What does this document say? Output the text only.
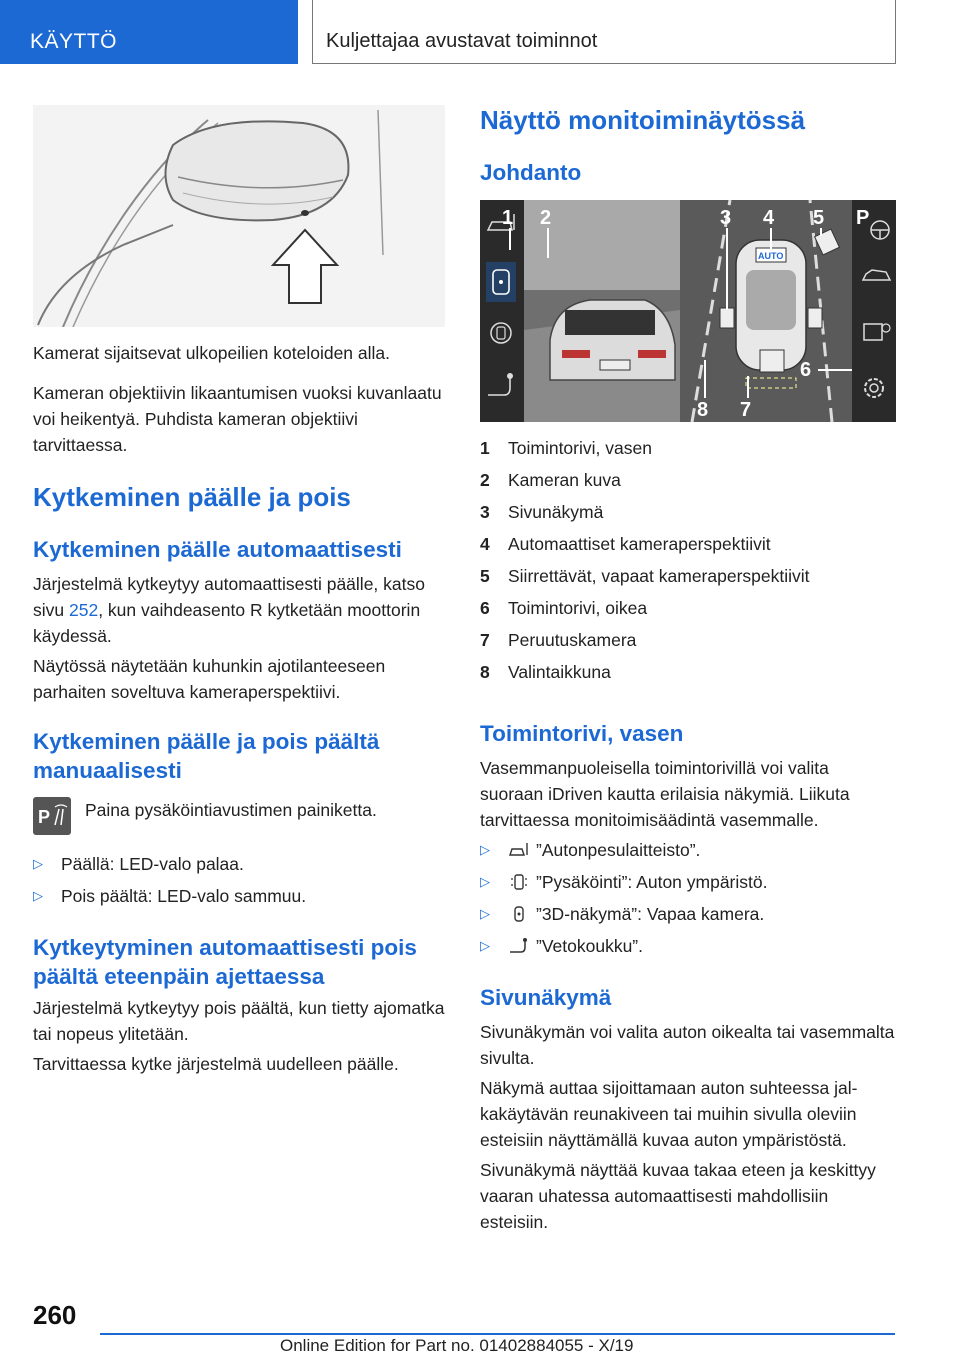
KÄYTTÖ	Kuljettajaa avustavat toiminnot

Kamerat sijaitsevat ulkopeilien koteloiden alla.

Kameran objektiivin likaantumisen vuoksi kuvanlaatu voi heikentyä. Puhdista kameran objektiivi tarvittaessa.

Kytkeminen päälle ja pois
Kytkeminen päälle automaattisesti

Järjestelmä kytkeytyy automaattisesti päälle, katso sivu 252, kun vaihdeasento R kytketään moottorin käydessä.

Näytössä näytetään kuhunkin ajotilanteeseen parhaiten soveltuva kameraperspektiivi.

Kytkeminen päälle ja pois päältä manuaalisesti
P Paina pysäköintiavustimen painiketta.

▷ Päällä: LED-valo palaa.
▷ Pois päältä: LED-valo sammuu.
Kytkeytyminen automaattisesti pois päältä eteenpäin ajettaessa

Järjestelmä kytkeytyy pois päältä, kun tietty ajomatka tai nopeus ylitetään.

Tarvittaessa kytke järjestelmä uudelleen päälle.

Näyttö monitoiminäytössä
Johdanto
AUTO
P
1 2	3 4 5
6
7
8
1 Toimintorivi, vasen
2 Kameran kuva
3 Sivunäkymä
4 Automaattiset kameraperspektiivit
5 Siirrettävät, vapaat kameraperspektiivit
6 Toimintorivi, oikea
7 Peruutuskamera
8 Valintaikkuna
Toimintorivi, vasen

Vasemmanpuoleisella toimintorivillä voi valita suoraan iDriven kautta erilaisia näkymiä. Liikuta tarvittaessa monitoimisäädintä vasemmalle.

▷	”Autonpesulaitteisto”.
▷	”Pysäköinti”: Auton ympäristö.
▷	”3D-näkymä”: Vapaa kamera.
▷	”Vetokoukku”.
Sivunäkymä

Sivunäkymän voi valita auton oikealta tai vasemmalta sivulta.

Näkymä auttaa sijoittamaan auton suhteessa jalkakäytävän reunakiveen tai muihin sivulla oleviin esteisiin näyttämällä kuvaa auton ympäristöstä.

Sivunäkymä näyttää kuvaa takaa eteen ja keskittyy vaaran uhatessa automaattisesti mahdollisiin esteisiin.

260
Online Edition for Part no. 01402884055 - X/19
